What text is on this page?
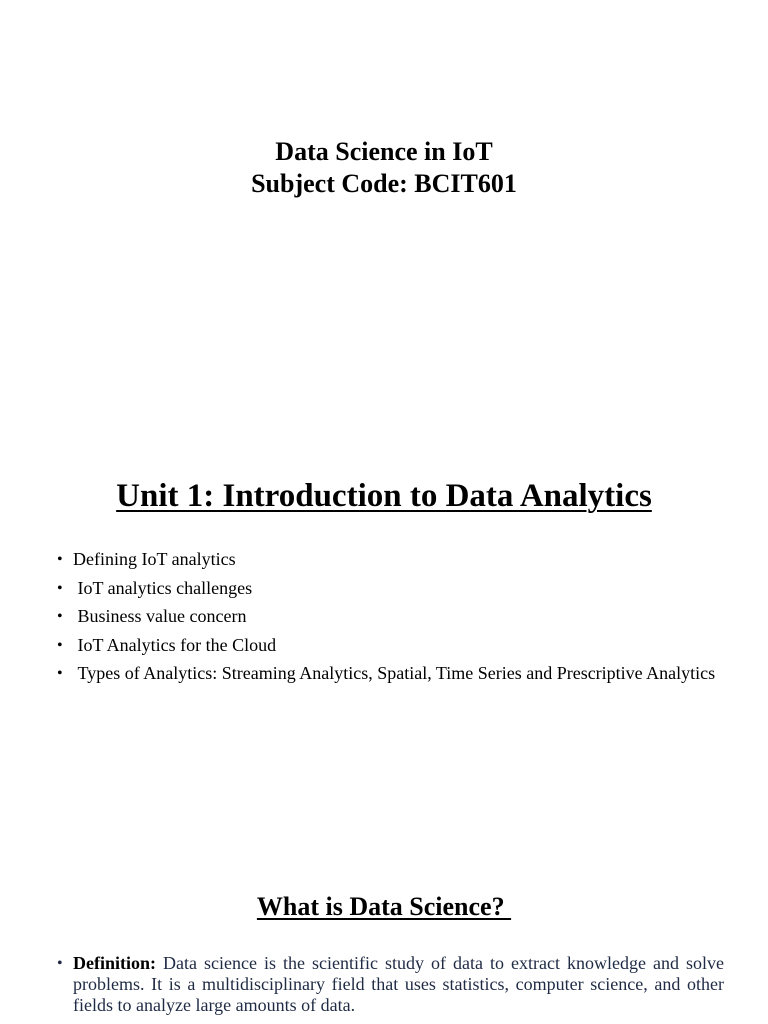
Data Science in IoT
Subject Code: BCIT601
Unit 1: Introduction to Data Analytics
• Defining IoT analytics
• IoT analytics challenges
• Business value concern
• IoT Analytics for the Cloud
• Types of Analytics: Streaming Analytics, Spatial, Time Series and Prescriptive Analytics
What is Data Science?
• Definition: Data science is the scientific study of data to extract knowledge and solve problems. It is a multidisciplinary field that uses statistics, computer science, and other fields to analyze large amounts of data.
